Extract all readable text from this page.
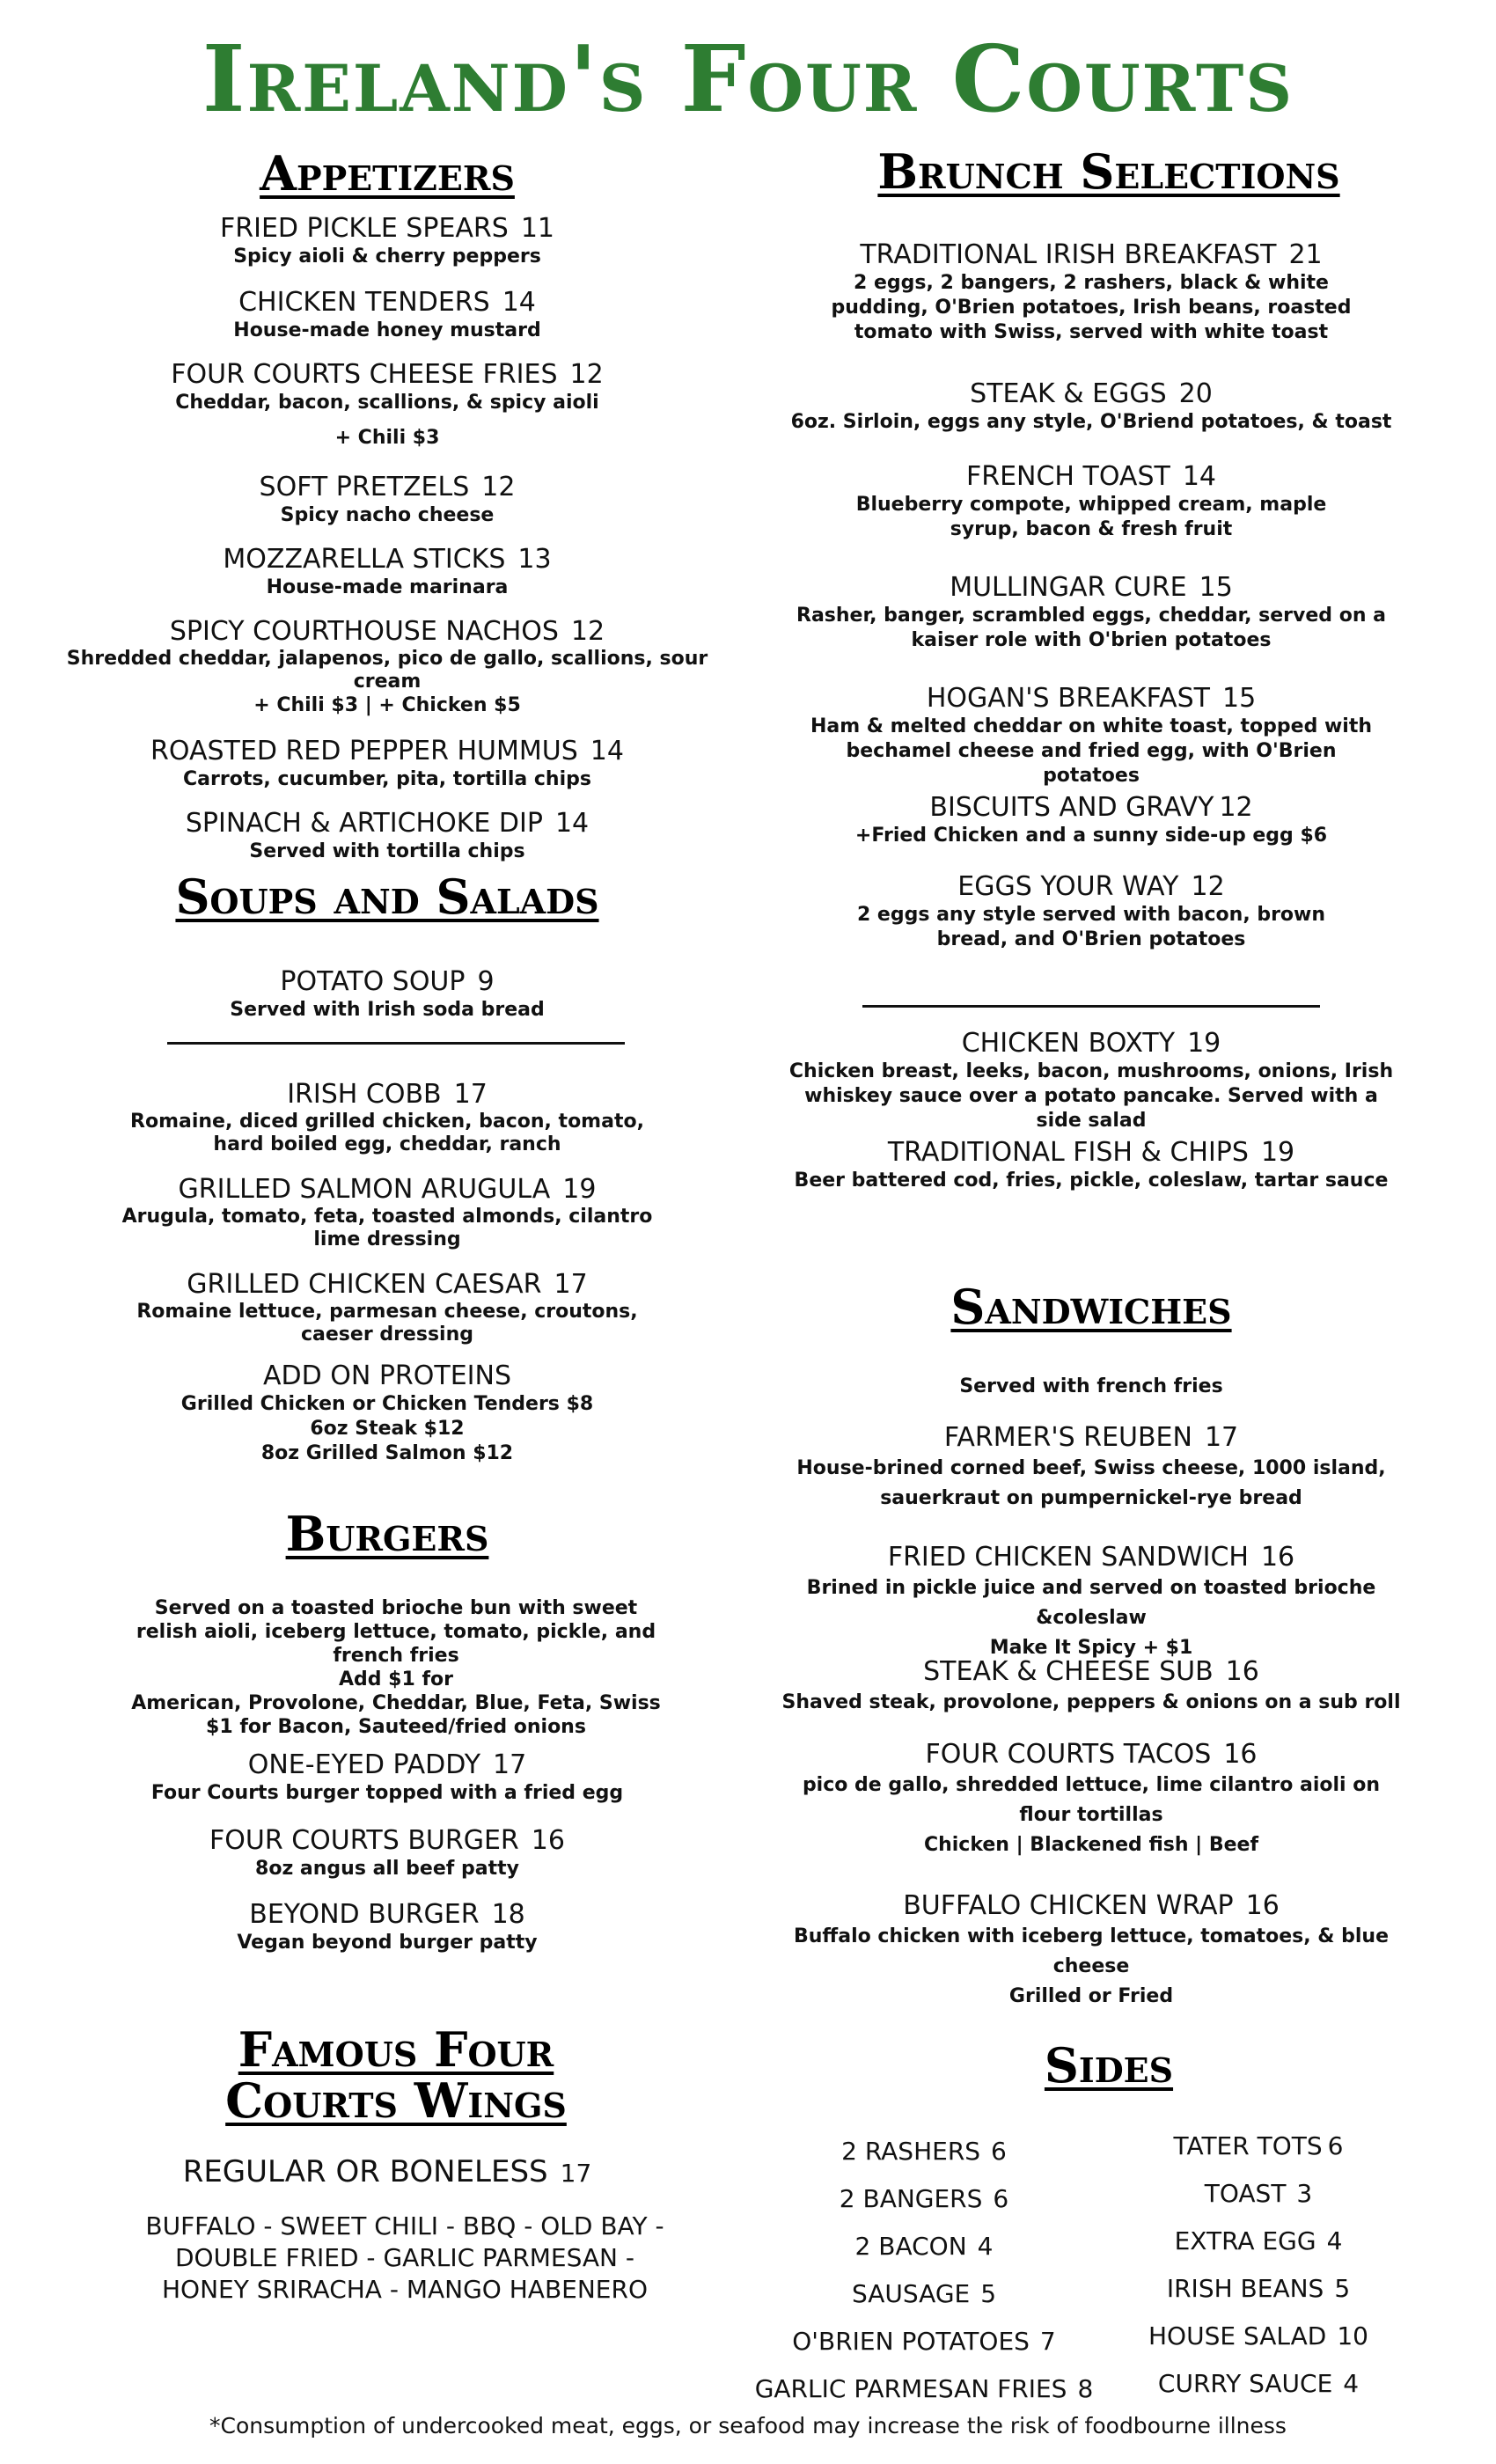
Ireland's Four Courts
Appetizers
FRIED PICKLE SPEARS 11
Spicy aioli & cherry peppers
CHICKEN TENDERS 14
House-made honey mustard
FOUR COURTS CHEESE FRIES 12
Cheddar, bacon, scallions, & spicy aioli
+ Chili $3
SOFT PRETZELS 12
Spicy nacho cheese
MOZZARELLA STICKS 13
House-made marinara
SPICY COURTHOUSE NACHOS 12
Shredded cheddar, jalapenos, pico de gallo, scallions, sour cream
+ Chili $3 | + Chicken $5
ROASTED RED PEPPER HUMMUS 14
Carrots, cucumber, pita, tortilla chips
SPINACH & ARTICHOKE DIP 14
Served with tortilla chips
Soups and Salads
POTATO SOUP 9
Served with Irish soda bread
IRISH COBB 17
Romaine, diced grilled chicken, bacon, tomato, hard boiled egg, cheddar, ranch
GRILLED SALMON ARUGULA 19
Arugula, tomato, feta, toasted almonds, cilantro lime dressing
GRILLED CHICKEN CAESAR 17
Romaine lettuce, parmesan cheese, croutons, caeser dressing
ADD ON PROTEINS
Grilled Chicken or Chicken Tenders $8
6oz Steak $12
8oz Grilled Salmon $12
Burgers
Served on a toasted brioche bun with sweet relish aioli, iceberg lettuce, tomato, pickle, and french fries
Add $1 for
American, Provolone, Cheddar, Blue, Feta, Swiss
$1 for Bacon, Sauteed/fried onions
ONE-EYED PADDY 17
Four Courts burger topped with a fried egg
FOUR COURTS BURGER 16
8oz angus all beef patty
BEYOND BURGER 18
Vegan beyond burger patty
Famous Four
Courts Wings
REGULAR OR BONELESS 17
BUFFALO - SWEET CHILI - BBQ - OLD BAY -
DOUBLE FRIED - GARLIC PARMESAN -
HONEY SRIRACHA - MANGO HABENERO
Brunch Selections
TRADITIONAL IRISH BREAKFAST 21
2 eggs, 2 bangers, 2 rashers, black & white pudding, O'Brien potatoes, Irish beans, roasted tomato with Swiss, served with white toast
STEAK & EGGS 20
6oz. Sirloin, eggs any style, O'Briend potatoes, & toast
FRENCH TOAST 14
Blueberry compote, whipped cream, maple syrup, bacon & fresh fruit
MULLINGAR CURE 15
Rasher, banger, scrambled eggs, cheddar, served on a kaiser role with O'brien potatoes
HOGAN'S BREAKFAST 15
Ham & melted cheddar on white toast, topped with bechamel cheese and fried egg, with O'Brien potatoes
BISCUITS AND GRAVY 12
+Fried Chicken and a sunny side-up egg $6
EGGS YOUR WAY 12
2 eggs any style served with bacon, brown bread, and O'Brien potatoes
CHICKEN BOXTY 19
Chicken breast, leeks, bacon, mushrooms, onions, Irish whiskey sauce over a potato pancake. Served with a side salad
TRADITIONAL FISH & CHIPS 19
Beer battered cod, fries, pickle, coleslaw, tartar sauce
Sandwiches
Served with french fries
FARMER'S REUBEN 17
House-brined corned beef, Swiss cheese, 1000 island, sauerkraut on pumpernickel-rye bread
FRIED CHICKEN SANDWICH 16
Brined in pickle juice and served on toasted brioche &coleslaw
Make It Spicy + $1
STEAK & CHEESE SUB 16
Shaved steak, provolone, peppers & onions on a sub roll
FOUR COURTS TACOS 16
pico de gallo, shredded lettuce, lime cilantro aioli on flour tortillas
Chicken | Blackened fish | Beef
BUFFALO CHICKEN WRAP 16
Buffalo chicken with iceberg lettuce, tomatoes, & blue cheese
Grilled or Fried
Sides
2 RASHERS 6
2 BANGERS 6
2 BACON 4
SAUSAGE 5
O'BRIEN POTATOES 7
GARLIC PARMESAN FRIES 8
TATER TOTS 6
TOAST 3
EXTRA EGG 4
IRISH BEANS 5
HOUSE SALAD 10
CURRY SAUCE 4
*Consumption of undercooked meat, eggs, or seafood may increase the risk of foodbourne illness
